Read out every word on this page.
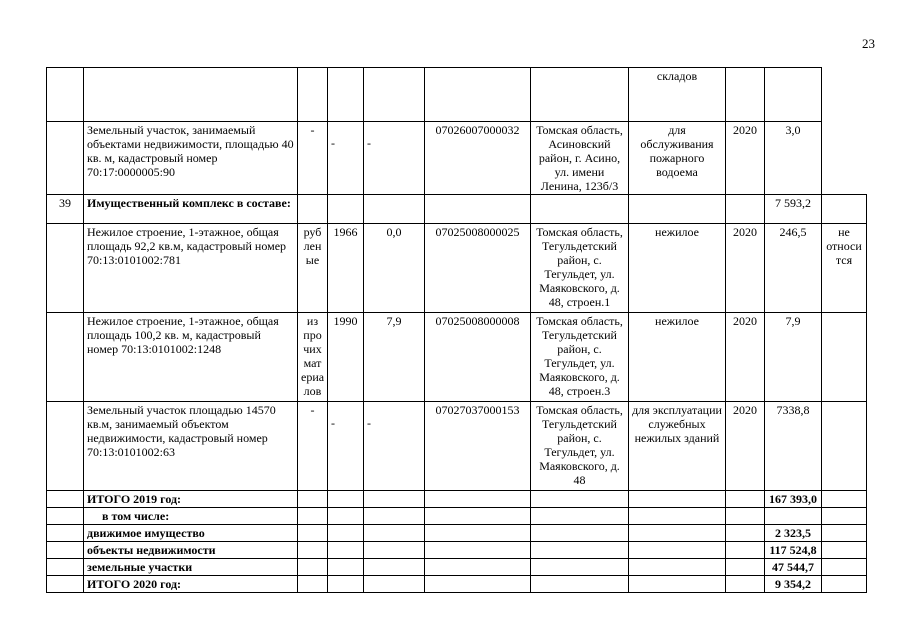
23
							складов			
	Земельный участок, занимаемый объектами недвижимости, площадью 40 кв. м, кадастровый номер 70:17:0000005:90	-	-	-	07026007000032	Томская область, Асиновский район, г. Асино, ул. имени Ленина, 123б/3	для обслуживания пожарного водоема	2020	3,0	
39	Имущественный комплекс в составе:								7 593,2	
	Нежилое строение, 1-этажное, общая площадь 92,2 кв.м, кадастровый номер 70:13:0101002:781	руб лен ые	1966	0,0	07025008000025	Томская область, Тегульдетский район, с. Тегульдет, ул. Маяковского, д. 48, строен.1	нежилое	2020	246,5	не относи тся
	Нежилое строение, 1-этажное, общая площадь 100,2 кв. м, кадастровый номер 70:13:0101002:1248	из про чих мат ериа лов	1990	7,9	07025008000008	Томская область, Тегульдетский район, с. Тегульдет, ул. Маяковского, д. 48, строен.3	нежилое	2020	7,9	
	Земельный участок площадью 14570 кв.м, занимаемый объектом недвижимости, кадастровый номер 70:13:0101002:63	-	-	-	07027037000153	Томская область, Тегульдетский район, с. Тегульдет, ул. Маяковского, д. 48	для эксплуатации служебных нежилых зданий	2020	7338,8	
	ИТОГО 2019 год:								167 393,0	
	в том числе:									
	движимое имущество								2 323,5	
	объекты недвижимости								117 524,8	
	земельные участки								47 544,7	
	ИТОГО 2020 год:								9 354,2	
